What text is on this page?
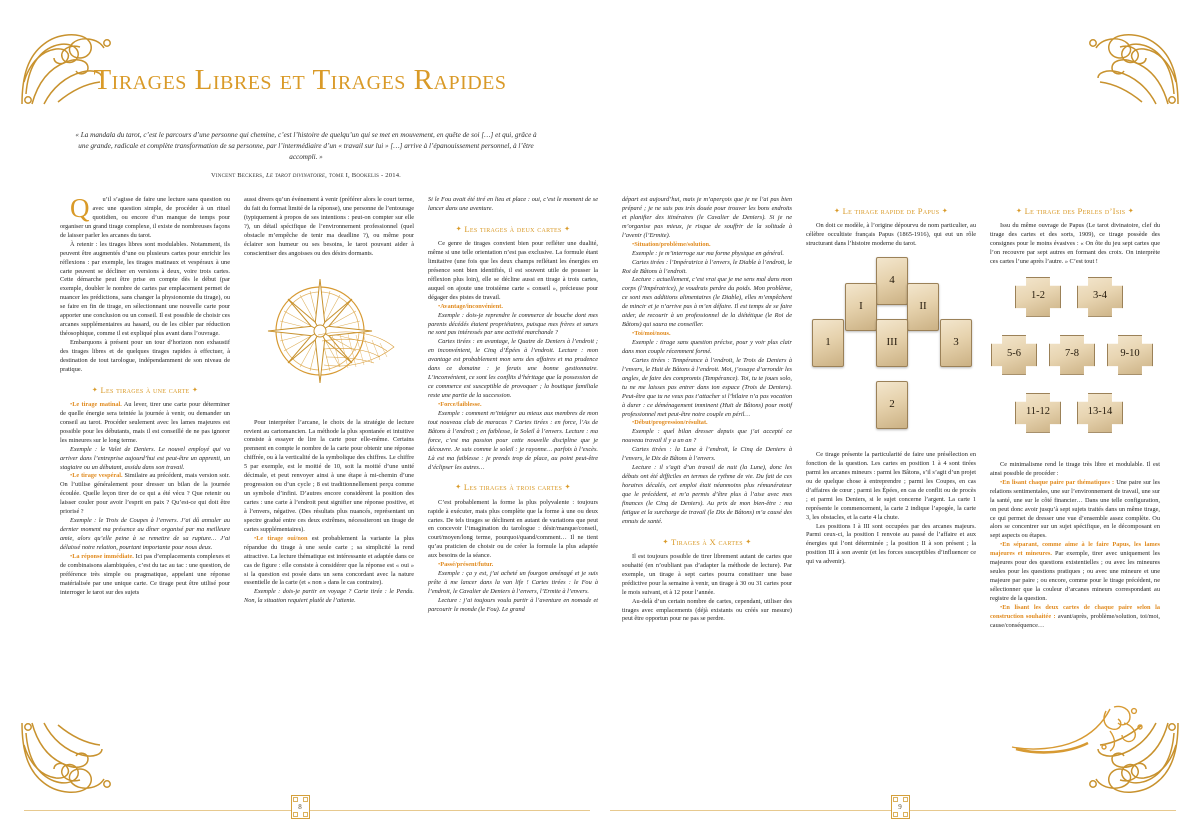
Tirages Libres et Tirages Rapides
« La mandala du tarot, c’est le parcours d’une personne qui chemine, c’est l’histoire de quelqu’un qui se met en mouvement, en quête de soi […] et qui, grâce à une grande, radicale et complète transformation de sa personne, par l’intermédiaire d’un « travail sur lui » […] arrive à l’épanouissement personnel, à l’être accompli. »
Vincent Beckers, Le tarot divinatoire, tome I, Bookelis - 2014.

Q	u’il s’agisse de faire une lecture sans question ou avec une question simple, de procéder à un rituel quotidien, ou encore d’un manque de temps pour organiser un grand tirage complexe, il existe de nombreuses façons de laisser parler les arcanes du tarot.

À retenir : les tirages libres sont modulables. Notamment, ils peuvent être augmentés d’une ou plusieurs cartes pour enrichir les réflexions : par exemple, les tirages matinaux et vespéraux à une carte peuvent se décliner en versions à deux, voire trois cartes. Cette démarche peut être prise en compte dès le début (par exemple, doubler le nombre de cartes par emplacement permet de nuancer les prédictions, sans changer la physionomie du tirage), ou se faire en fin de tirage, en sélectionnant une nouvelle carte pour apporter une conclusion ou un conseil. Il est possible de choisir ces arcanes supplémentaires au hasard, ou de les cibler par réduction théosophique, comme il est expliqué plus avant dans l’ouvrage.

Embarquons à présent pour un tour d’horizon non exhaustif des tirages libres et de quelques tirages rapides à effectuer, à destination de tout tarologue, indépendamment de son niveau de pratique.

✦ Les tirages à une carte ✦

•Le tirage matinal. Au lever, tirer une carte pour déterminer de quelle énergie sera teintée la journée à venir, ou demander un conseil au tarot. Procéder seulement avec les lames majeures est possible pour les débutants, mais il est conseillé de ne pas ignorer les mineures sur le long terme.

Exemple : le Valet de Deniers. Le nouvel employé qui va arriver dans l’entreprise aujourd’hui est peut-être un apprenti, un stagiaire ou un débutant, assidu dans son travail.

•Le tirage vespéral. Similaire au précédent, mais version soir. On l’utilise généralement pour dresser un bilan de la journée écoulée. Quelle leçon tirer de ce qui a été vécu ? Que retenir ou laisser couler pour avoir l’esprit en paix ? Qu’est-ce qui doit être priorisé ?

Exemple : le Trois de Coupes à l’envers. J’ai dû annuler au dernier moment ma présence au dîner organisé par ma meilleure amie, alors qu’elle peine à se remettre de sa rupture… J’ai délaissé notre relation, pourtant importante pour nous deux.

•La réponse immédiate. Ici pas d’emplacements complexes et de combinaisons alambiquées, c’est du tac au tac : une question, de préférence très simple ou pragmatique, appelant une réponse matérialisée par une unique carte. Ce tirage peut être utilisé pour interroger le tarot sur des sujets

aussi divers qu’un événement à venir (préférer alors le court terme, du fait du format limité de la réponse), une personne de l’entourage (typiquement à propos de ses intentions : peut-on compter sur elle ?), un détail spécifique de l’environnement professionnel (quel obstacle m’empêche de tenir ma deadline ?), ou même pour éclairer son humeur ou ses besoins, le tarot pouvant aider à conscientiser des angoisses ou des désirs dormants.

Pour interpréter l’arcane, le choix de la stratégie de lecture revient au cartomancien. La méthode la plus spontanée et intuitive consiste à essayer de lire la carte pour elle-même. Certains prennent en compte le nombre de la carte pour obtenir une réponse chiffrée, ou à la verticalité de la symbolique des chiffres. Le chiffre 5 par exemple, est le moitié de 10, soit la moitié d’une unité décimale, et peut renvoyer ainsi à une étape à mi-chemin d’une progression ou d’un cycle ; 8 est traditionnellement perçu comme un symbole d’infini. D’autres encore considèrent la position des cartes : une carte à l’endroit peut signifier une réponse positive, et à l’envers, négative. (Des résultats plus nuancés, représentant un spectre gradué entre ces deux extrêmes, nécessiteront un tirage de cartes supplémentaires).

•Le tirage oui/non est probablement la variante la plus répandue du tirage à une seule carte ; sa simplicité la rend attractive. La lecture thématique est intéressante et adaptée dans ce cas de figure : elle consiste à considérer que la réponse est « oui » si la question est posée dans un sens concordant avec la nature essentielle de la carte (et « non » dans le cas contraire).

Exemple : dois-je partir en voyage ? Carte tirée : le Pendu. Non, la situation requiert plutôt de l’attente.

Si le Fou avait été tiré en lieu et place : oui, c’est le moment de se lancer dans une aventure.

✦ Les tirages à deux cartes ✦

Ce genre de tirages convient bien pour refléter une dualité, même si une telle orientation n’est pas exclusive. La formule étant limitative (une fois que les deux champs reflétant les énergies en présence sont bien identifiés, il est souvent utile de pousser la réflexion plus loin), elle se décline aussi en tirage à trois cartes, auquel on ajoute une troisième carte « conseil », précieuse pour dégager des pistes de travail.

•Avantage/inconvénient.

Exemple : dois-je reprendre le commerce de bouche dont mes parents décédés étaient propriétaires, puisque mes frères et sœurs ne sont pas intéressés par une activité marchande ?

Cartes tirées : en avantage, le Quatre de Deniers à l’endroit ; en inconvénient, le Cinq d’Épées à l’endroit. Lecture : mon avantage est probablement mon sens des affaires et ma prudence dans ce domaine : je ferais une bonne gestionnaire. L’inconvénient, ce sont les conflits d’héritage que la possession de ce commerce est susceptible de provoquer ; la boutique familiale reste une partie de la succession.

•Force/faiblesse.

Exemple : comment m’intégrer au mieux aux membres de mon tout nouveau club de maracas ? Cartes tirées : en force, l’As de Bâtons à l’endroit ; en faiblesse, le Soleil à l’envers. Lecture : ma force, c’est ma passion pour cette nouvelle discipline que je découvre. Je suis comme le soleil : je rayonne… parfois à l’excès. Là est ma faiblesse : je prends trop de place, au point peut-être d’éclipser les autres…

✦ Les tirages à trois cartes ✦

C’est probablement la forme la plus polyvalente : toujours rapide à exécuter, mais plus complète que la forme à une ou deux cartes. De tels tirages se déclinent en autant de variations que peut en concevoir l’imagination du tarologue : désir/manque/conseil, court/moyen/long terme, pourquoi/quand/comment… Il ne tient qu’au praticien de choisir ou de créer la formule la plus adaptée aux besoins de la séance.

•Passé/présent/futur.

Exemple : ça y est, j’ai acheté un fourgon aménagé et je suis prête à me lancer dans la van life ! Cartes tirées : le Fou à l’endroit, le Cavalier de Deniers à l’envers, l’Ermite à l’envers.

Lecture : j’ai toujours voulu partir à l’aventure en nomade et parcourir le monde (le Fou). Le grand

8

départ est aujourd’hui, mais je m’aperçois que je ne l’ai pas bien préparé ; je ne suis pas très douée pour trouver les bons endroits et planifier des itinéraires (le Cavalier de Deniers). Si je ne m’organise pas mieux, je risque de souffrir de la solitude à l’avenir (l’Ermite).

•Situation/problème/solution.

Exemple : je m’interroge sur ma forme physique en général.

Cartes tirées : l’Impératrice à l’envers, le Diable à l’endroit, le Roi de Bâtons à l’endroit.

Lecture : actuellement, c’est vrai que je me sens mal dans mon corps (l’Impératrice), je voudrais perdre du poids. Mon problème, ce sont mes additions alimentaires (le Diable), elles m’empêchent de mincir et je n’arrive pas à m’en défaire. Il est temps de se faire aider, de recourir à un professionnel de la diététique (le Roi de Bâtons) qui saura me conseiller.

•Toi/moi/nous.

Exemple : tirage sans question précise, pour y voir plus clair dans mon couple récemment formé.

Cartes tirées : Tempérance à l’endroit, le Trois de Deniers à l’envers, le Huit de Bâtons à l’endroit. Moi, j’essaye d’arrondir les angles, de faire des compromis (Tempérance). Toi, tu te joues solo, tu ne me laisses pas entrer dans ton espace (Trois de Deniers). Peut-être que tu ne veux pas t’attacher si l’hilaire n’a pas vocation à durer : ce déménagement imminent (Huit de Bâtons) pour motif professionnel met peut-être notre couple en péril…

•Début/progression/résultat.

Exemple : quel bilan dresser depuis que j’ai accepté ce nouveau travail il y a un an ?

Cartes tirées : la Lune à l’endroit, le Cinq de Deniers à l’envers, le Dix de Bâtons à l’envers.

Lecture : il s’agit d’un travail de nuit (la Lune), donc les débuts ont été difficiles en termes de rythme de vie. Du fait de ces horaires décalés, cet emploi était néanmoins plus rémunérateur que le précédent, et m’a permis d’être plus à l’aise avec mes finances (le Cinq de Deniers). Au prix de mon bien-être : ma fatigue et la surcharge de travail (le Dix de Bâtons) m’a causé des ennuis de santé.

✦ Tirages à X cartes ✦

Il est toujours possible de tirer librement autant de cartes que souhaité (en n’oubliant pas d’adapter la méthode de lecture). Par exemple, un tirage à sept cartes pourra constituer une base prédictive pour la semaine à venir, un tirage à 30 ou 31 cartes pour le mois suivant, et à 12 pour l’année.

Au-delà d’un certain nombre de cartes, cependant, utiliser des tirages avec emplacements (déjà existants ou créés sur mesure) peut être opportun pour ne pas se perdre.

✦ Le tirage rapide de Papus ✦

On doit ce modèle, à l’origine dépourvu de nom particulier, au célèbre occultiste français Papus (1865-1916), qui eut un rôle structurant dans l’histoire moderne du tarot.

4
I	II
1	III	3
2

Ce tirage présente la particularité de faire une présélection en fonction de la question. Les cartes en position 1 à 4 sont tirées parmi les arcanes mineurs : parmi les Bâtons, s’il s’agit d’un projet ou de quelque chose à entreprendre ; parmi les Coupes, en cas d’affaires de cœur ; parmi les Épées, en cas de conflit ou de procès ; et parmi les Deniers, si le sujet concerne l’argent. La carte 1 représente le commencement, la carte 2 indique l’apogée, la carte 3, les obstacles, et la carte 4 la chute.

Les positions I à III sont occupées par des arcanes majeurs. Parmi ceux-ci, la position I renvoie au passé de l’affaire et aux énergies qui l’ont déterminée ; la position II à son présent ; la position III à son avenir (et les forces susceptibles d’influencer ce qui va advenir).

✦ Le tirage des Perles d’Isis ✦

Issu du même ouvrage de Papus (Le tarot divinatoire, clef du tirage des cartes et des sorts, 1909), ce tirage possède des consignes pour le moins évasives : « On ôte du jeu sept cartes que l’on recouvre par sept autres en formant des croix. On interprète ces cartes l’une après l’autre. » C’est tout !

1-2	3-4
5-6	7-8	9-10
11-12	13-14

Ce minimalisme rend le tirage très libre et modulable. Il est ainsi possible de procéder :

•En lisant chaque paire par thématiques : Une paire sur les relations sentimentales, une sur l’environnement de travail, une sur la santé, une sur le côté financier… Dans une telle configuration, on peut donc avoir jusqu’à sept sujets traités dans un même tirage, ce qui permet de dresser une vue d’ensemble assez complète. Ou alors se concentrer sur un sujet spécifique, en le décomposant en sept aspects ou étapes.

•En séparant, comme aime à le faire Papus, les lames majeures et mineures. Par exemple, tirer avec uniquement les majeures pour des questions existentielles ; ou avec les mineures seules pour les questions pratiques ; ou avec une mineure et une majeure par paire ; ou encore, comme pour le tirage précédent, ne sélectionner que la couleur d’arcanes mineurs correspondant au registre de la question.

•En lisant les deux cartes de chaque paire selon la construction souhaitée : avant/après, problème/solution, toi/moi, cause/conséquence…

9
